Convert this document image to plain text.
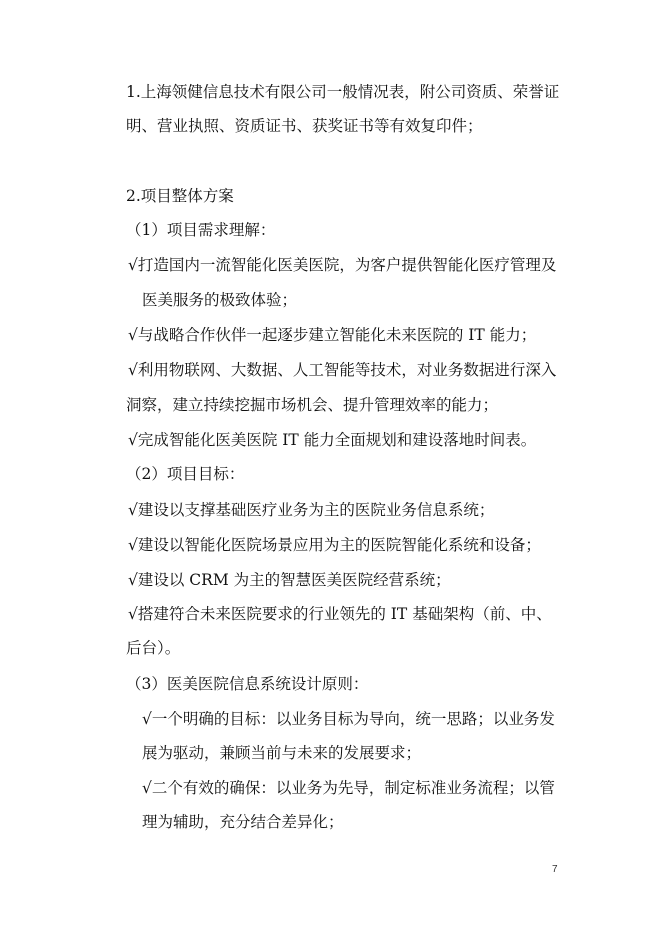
1.上海领健信息技术有限公司一般情况表，附公司资质、荣誉证
明、营业执照、资质证书、获奖证书等有效复印件；
2.项目整体方案
（1）项目需求理解：
√打造国内一流智能化医美医院，为客户提供智能化医疗管理及
医美服务的极致体验；
√与战略合作伙伴一起逐步建立智能化未来医院的 IT 能力；
√利用物联网、大数据、人工智能等技术，对业务数据进行深入
洞察，建立持续挖掘市场机会、提升管理效率的能力；
√完成智能化医美医院 IT 能力全面规划和建设落地时间表。
（2）项目目标：
√建设以支撑基础医疗业务为主的医院业务信息系统；
√建设以智能化医院场景应用为主的医院智能化系统和设备；
√建设以 CRM 为主的智慧医美医院经营系统；
√搭建符合未来医院要求的行业领先的 IT 基础架构（前、中、
后台）。
（3）医美医院信息系统设计原则：
√一个明确的目标：以业务目标为导向，统一思路；以业务发
展为驱动，兼顾当前与未来的发展要求；
√二个有效的确保：以业务为先导，制定标准业务流程；以管
理为辅助，充分结合差异化；
7
